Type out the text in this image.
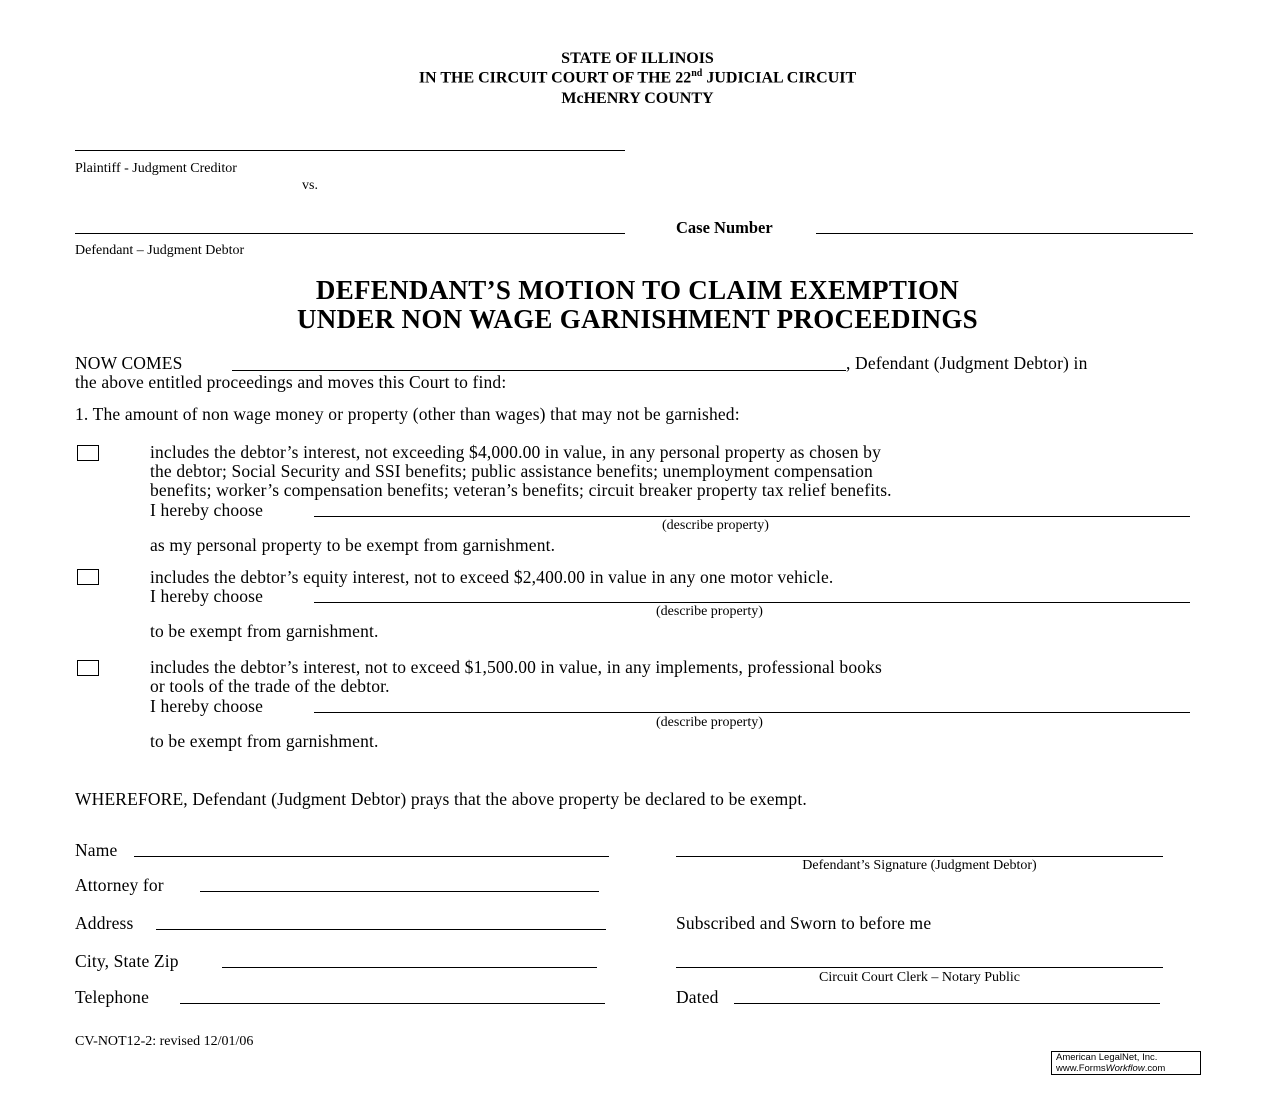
STATE OF ILLINOIS
IN THE CIRCUIT COURT OF THE 22nd JUDICIAL CIRCUIT
McHENRY COUNTY
Plaintiff - Judgment Creditor
vs.
Defendant – Judgment Debtor
Case Number
DEFENDANT’S MOTION TO CLAIM EXEMPTION
UNDER NON WAGE GARNISHMENT PROCEEDINGS
NOW COMES	, Defendant (Judgment Debtor) in
the above entitled proceedings and moves this Court to find:
1. The amount of non wage money or property (other than wages) that may not be garnished:
includes the debtor’s interest, not exceeding $4,000.00 in value, in any personal property as chosen by
the debtor; Social Security and SSI benefits; public assistance benefits; unemployment compensation
benefits; worker’s compensation benefits; veteran’s benefits; circuit breaker property tax relief benefits.
I hereby choose
(describe property)
as my personal property to be exempt from garnishment.
includes the debtor’s equity interest, not to exceed $2,400.00 in value in any one motor vehicle.
I hereby choose
(describe property)
to be exempt from garnishment.
includes the debtor’s interest, not to exceed $1,500.00 in value, in any implements, professional books
or tools of the trade of the debtor.
I hereby choose
(describe property)
to be exempt from garnishment.
WHEREFORE, Defendant (Judgment Debtor) prays that the above property be declared to be exempt.
Name
Attorney for
Address
City, State Zip
Telephone
Defendant’s Signature (Judgment Debtor)
Subscribed and Sworn to before me
Circuit Court Clerk – Notary Public
Dated
CV-NOT12-2: revised 12/01/06
American LegalNet, Inc.
www.FormsWorkflow.com
